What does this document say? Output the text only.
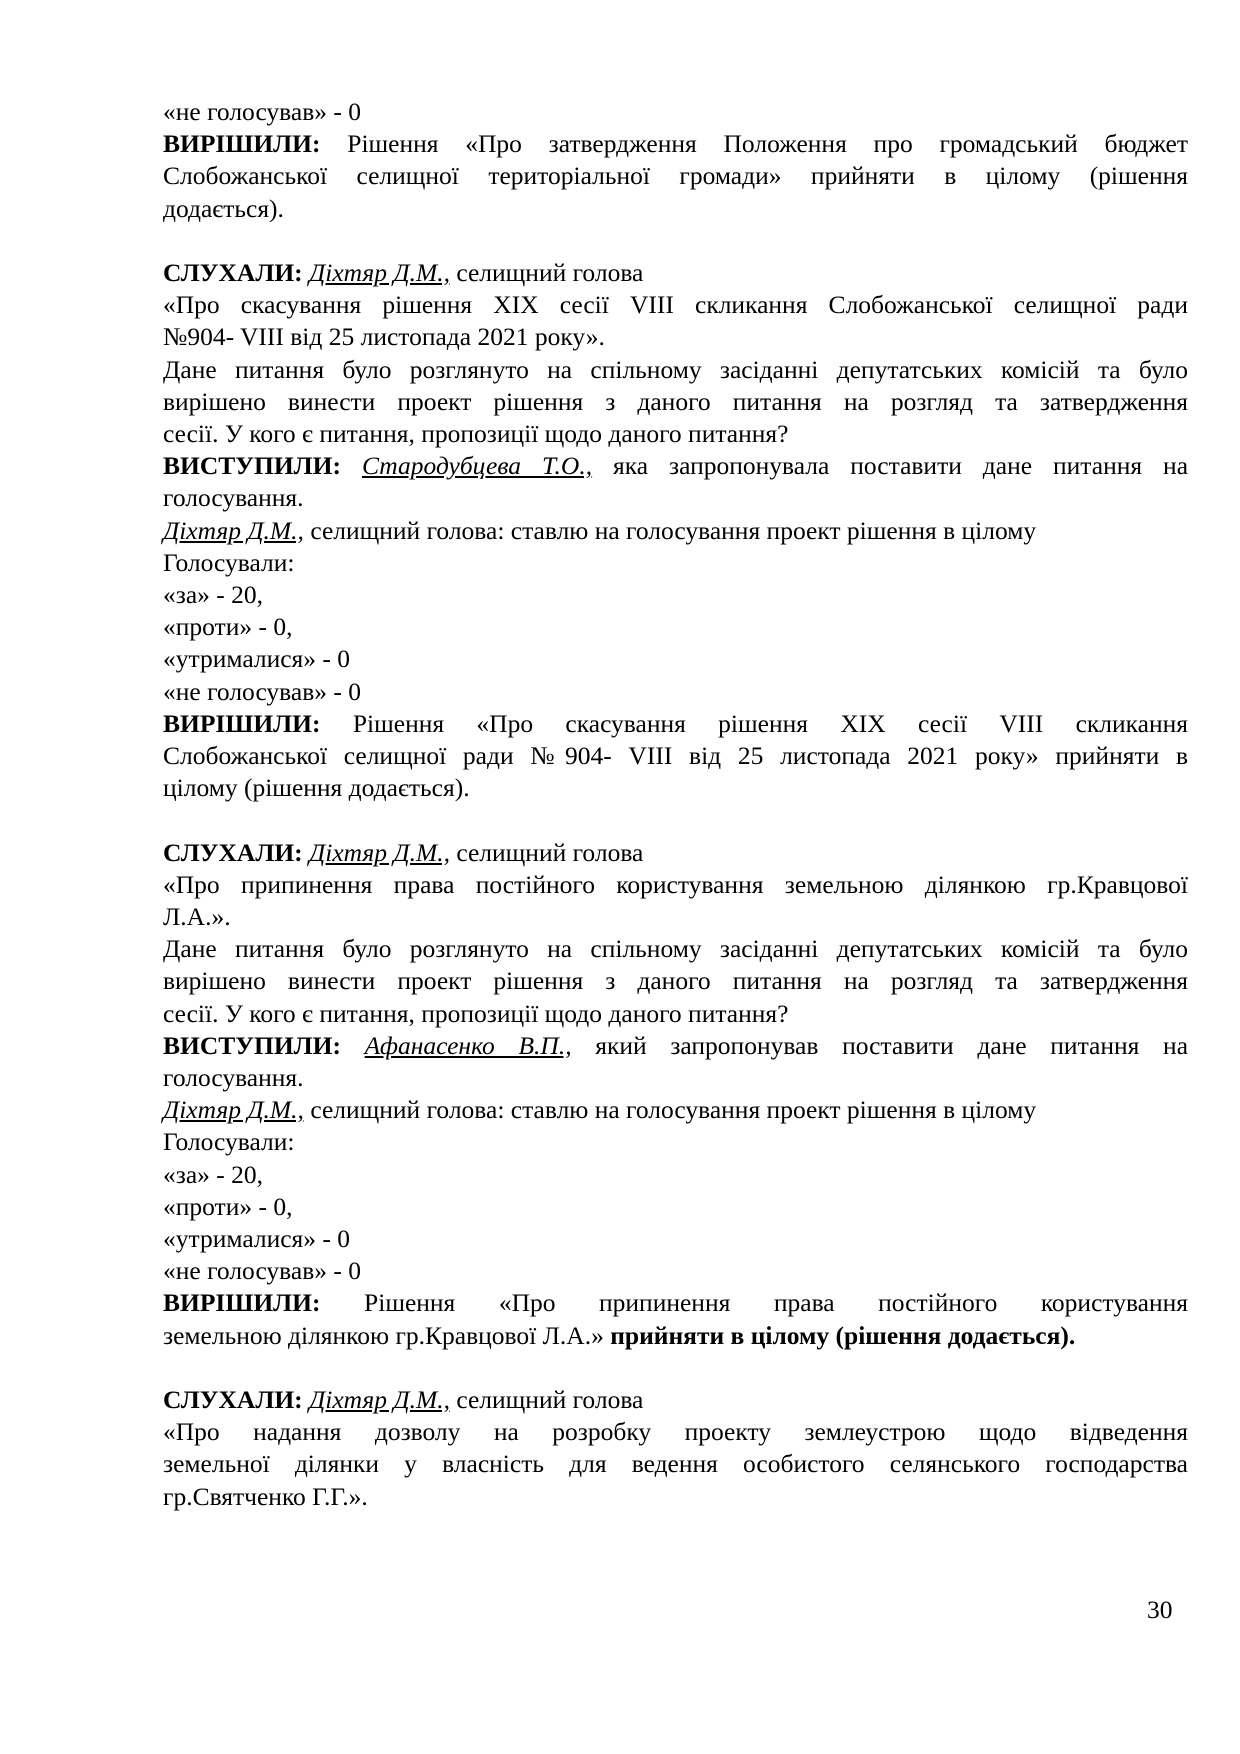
«не голосував» - 0
ВИРІШИЛИ: Рішення «Про затвердження Положення про громадський бюджет
Слобожанської селищної територіальної громади» прийняти в цілому (рішення
додається).
СЛУХАЛИ: Діхтяр Д.М., селищний голова
«Про скасування рішення XIX сесії VIII скликання Слобожанської селищної ради
№904- VIII від 25 листопада 2021 року».
Дане питання було розглянуто на спільному засіданні депутатських комісій та було
вирішено винести проект рішення з даного питання на розгляд та затвердження
сесії. У кого є питання, пропозиції щодо даного питання?
ВИСТУПИЛИ: Стародубцева Т.О., яка запропонувала поставити дане питання на
голосування.
Діхтяр Д.М., селищний голова: ставлю на голосування проект рішення в цілому
Голосували:
«за» - 20,
«проти» - 0,
«утрималися» - 0
«не голосував» - 0
ВИРІШИЛИ: Рішення «Про скасування рішення XIX сесії VIII скликання
Слобожанської селищної ради №904- VIII від 25 листопада 2021 року» прийняти в
цілому (рішення додається).
СЛУХАЛИ: Діхтяр Д.М., селищний голова
«Про припинення права постійного користування земельною ділянкою гр.Кравцової
Л.А.».
Дане питання було розглянуто на спільному засіданні депутатських комісій та було
вирішено винести проект рішення з даного питання на розгляд та затвердження
сесії. У кого є питання, пропозиції щодо даного питання?
ВИСТУПИЛИ: Афанасенко В.П., який запропонував поставити дане питання на
голосування.
Діхтяр Д.М., селищний голова: ставлю на голосування проект рішення в цілому
Голосували:
«за» - 20,
«проти» - 0,
«утрималися» - 0
«не голосував» - 0
ВИРІШИЛИ: Рішення «Про припинення права постійного користування
земельною ділянкою гр.Кравцової Л.А.» прийняти в цілому (рішення додається).
СЛУХАЛИ: Діхтяр Д.М., селищний голова
«Про надання дозволу на розробку проекту землеустрою щодо відведення
земельної ділянки у власність для ведення особистого селянського господарства
гр.Святченко Г.Г.».
30
